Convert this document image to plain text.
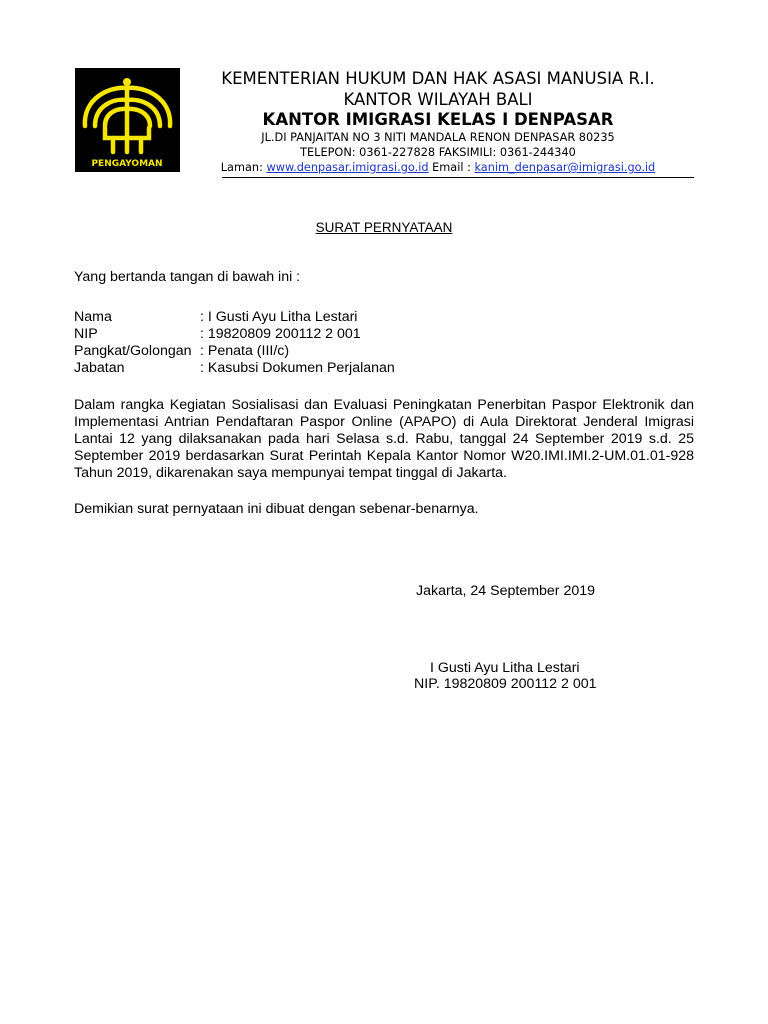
PENGAYOMAN
KEMENTERIAN HUKUM DAN HAK ASASI MANUSIA R.I.
KANTOR WILAYAH BALI
KANTOR IMIGRASI KELAS I DENPASAR
JL.DI PANJAITAN NO 3 NITI MANDALA RENON DENPASAR 80235
TELEPON: 0361-227828 FAKSIMILI: 0361-244340
Laman: www.denpasar.imigrasi.go.id Email : kanim_denpasar@imigrasi.go.id
SURAT PERNYATAAN
Yang bertanda tangan di bawah ini :
Nama	: I Gusti Ayu Litha Lestari
NIP	: 19820809 200112 2 001
Pangkat/Golongan : Penata (III/c)
Jabatan	: Kasubsi Dokumen Perjalanan
Dalam rangka Kegiatan Sosialisasi dan Evaluasi Peningkatan Penerbitan Paspor Elektronik dan
Implementasi Antrian Pendaftaran Paspor Online (APAPO) di Aula Direktorat Jenderal Imigrasi
Lantai 12 yang dilaksanakan pada hari Selasa s.d. Rabu, tanggal 24 September 2019 s.d. 25
September 2019 berdasarkan Surat Perintah Kepala Kantor Nomor W20.IMI.IMI.2-UM.01.01-928
Tahun 2019, dikarenakan saya mempunyai tempat tinggal di Jakarta.
Demikian surat pernyataan ini dibuat dengan sebenar-benarnya.
Jakarta, 24 September 2019
I Gusti Ayu Litha Lestari
NIP. 19820809 200112 2 001
